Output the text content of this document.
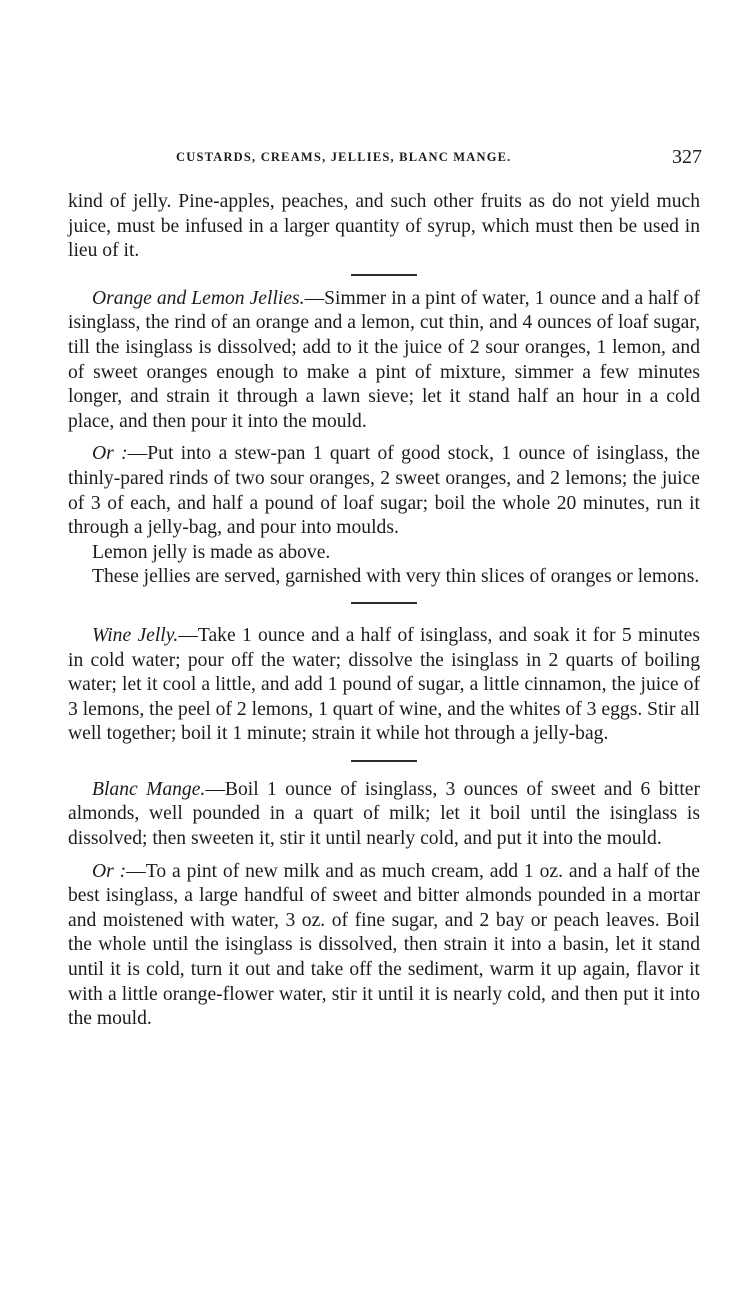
CUSTARDS, CREAMS, JELLIES, BLANC MANGE.	327

kind of jelly. Pine-apples, peaches, and such other fruits as do not yield much juice, must be infused in a larger quantity of syrup, which must then be used in lieu of it.

Orange and Lemon Jellies.—Simmer in a pint of water, 1 ounce and a half of isinglass, the rind of an orange and a lemon, cut thin, and 4 ounces of loaf sugar, till the isinglass is dissolved; add to it the juice of 2 sour oranges, 1 lemon, and of sweet oranges enough to make a pint of mixture, simmer a few minutes longer, and strain it through a lawn sieve; let it stand half an hour in a cold place, and then pour it into the mould.

Or :—Put into a stew-pan 1 quart of good stock, 1 ounce of isinglass, the thinly-pared rinds of two sour oranges, 2 sweet oranges, and 2 lemons; the juice of 3 of each, and half a pound of loaf sugar; boil the whole 20 minutes, run it through a jelly-bag, and pour into moulds.

Lemon jelly is made as above.

These jellies are served, garnished with very thin slices of oranges or lemons.

Wine Jelly.—Take 1 ounce and a half of isinglass, and soak it for 5 minutes in cold water; pour off the water; dissolve the isinglass in 2 quarts of boiling water; let it cool a little, and add 1 pound of sugar, a little cinnamon, the juice of 3 lemons, the peel of 2 lemons, 1 quart of wine, and the whites of 3 eggs. Stir all well together; boil it 1 minute; strain it while hot through a jelly-bag.

Blanc Mange.—Boil 1 ounce of isinglass, 3 ounces of sweet and 6 bitter almonds, well pounded in a quart of milk; let it boil until the isinglass is dissolved; then sweeten it, stir it until nearly cold, and put it into the mould.

Or :—To a pint of new milk and as much cream, add 1 oz. and a half of the best isinglass, a large handful of sweet and bitter almonds pounded in a mortar and moistened with water, 3 oz. of fine sugar, and 2 bay or peach leaves. Boil the whole until the isinglass is dissolved, then strain it into a basin, let it stand until it is cold, turn it out and take off the sediment, warm it up again, flavor it with a little orange-flower water, stir it until it is nearly cold, and then put it into the mould.
